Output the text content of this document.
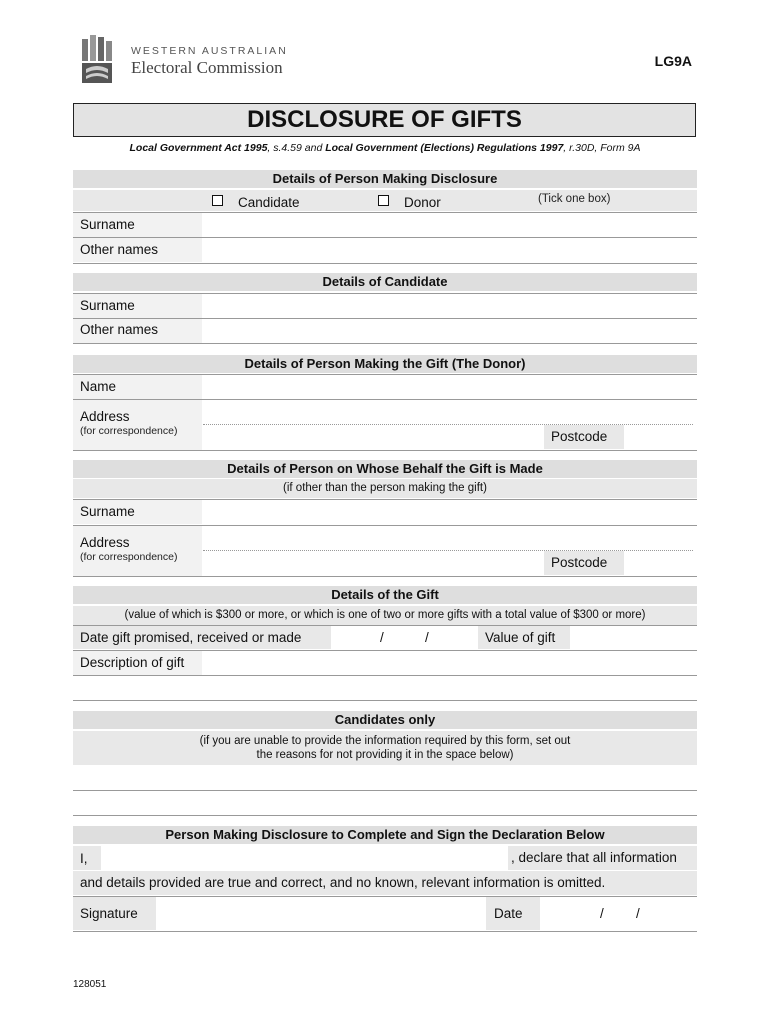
WESTERN AUSTRALIAN
Electoral Commission	LG9A
DISCLOSURE OF GIFTS
Local Government Act 1995, s.4.59 and Local Government (Elections) Regulations 1997, r.30D, Form 9A
Details of Person Making Disclosure
Candidate	Donor	(Tick one box)
Surname
Other names
Details of Candidate
Surname
Other names
Details of Person Making the Gift (The Donor)
Name
Address
(for correspondence)	Postcode
Details of Person on Whose Behalf the Gift is Made
(if other than the person making the gift)
Surname
Address
(for correspondence)	Postcode
Details of the Gift
(value of which is $300 or more, or which is one of two or more gifts with a total value of $300 or more)
Date gift promised, received or made	/	/	Value of gift
Description of gift
Candidates only
(if you are unable to provide the information required by this form, set out
the reasons for not providing it in the space below)
Person Making Disclosure to Complete and Sign the Declaration Below
I,	, declare that all information
and details provided are true and correct, and no known, relevant information is omitted.
Signature	Date	/ /
128051
